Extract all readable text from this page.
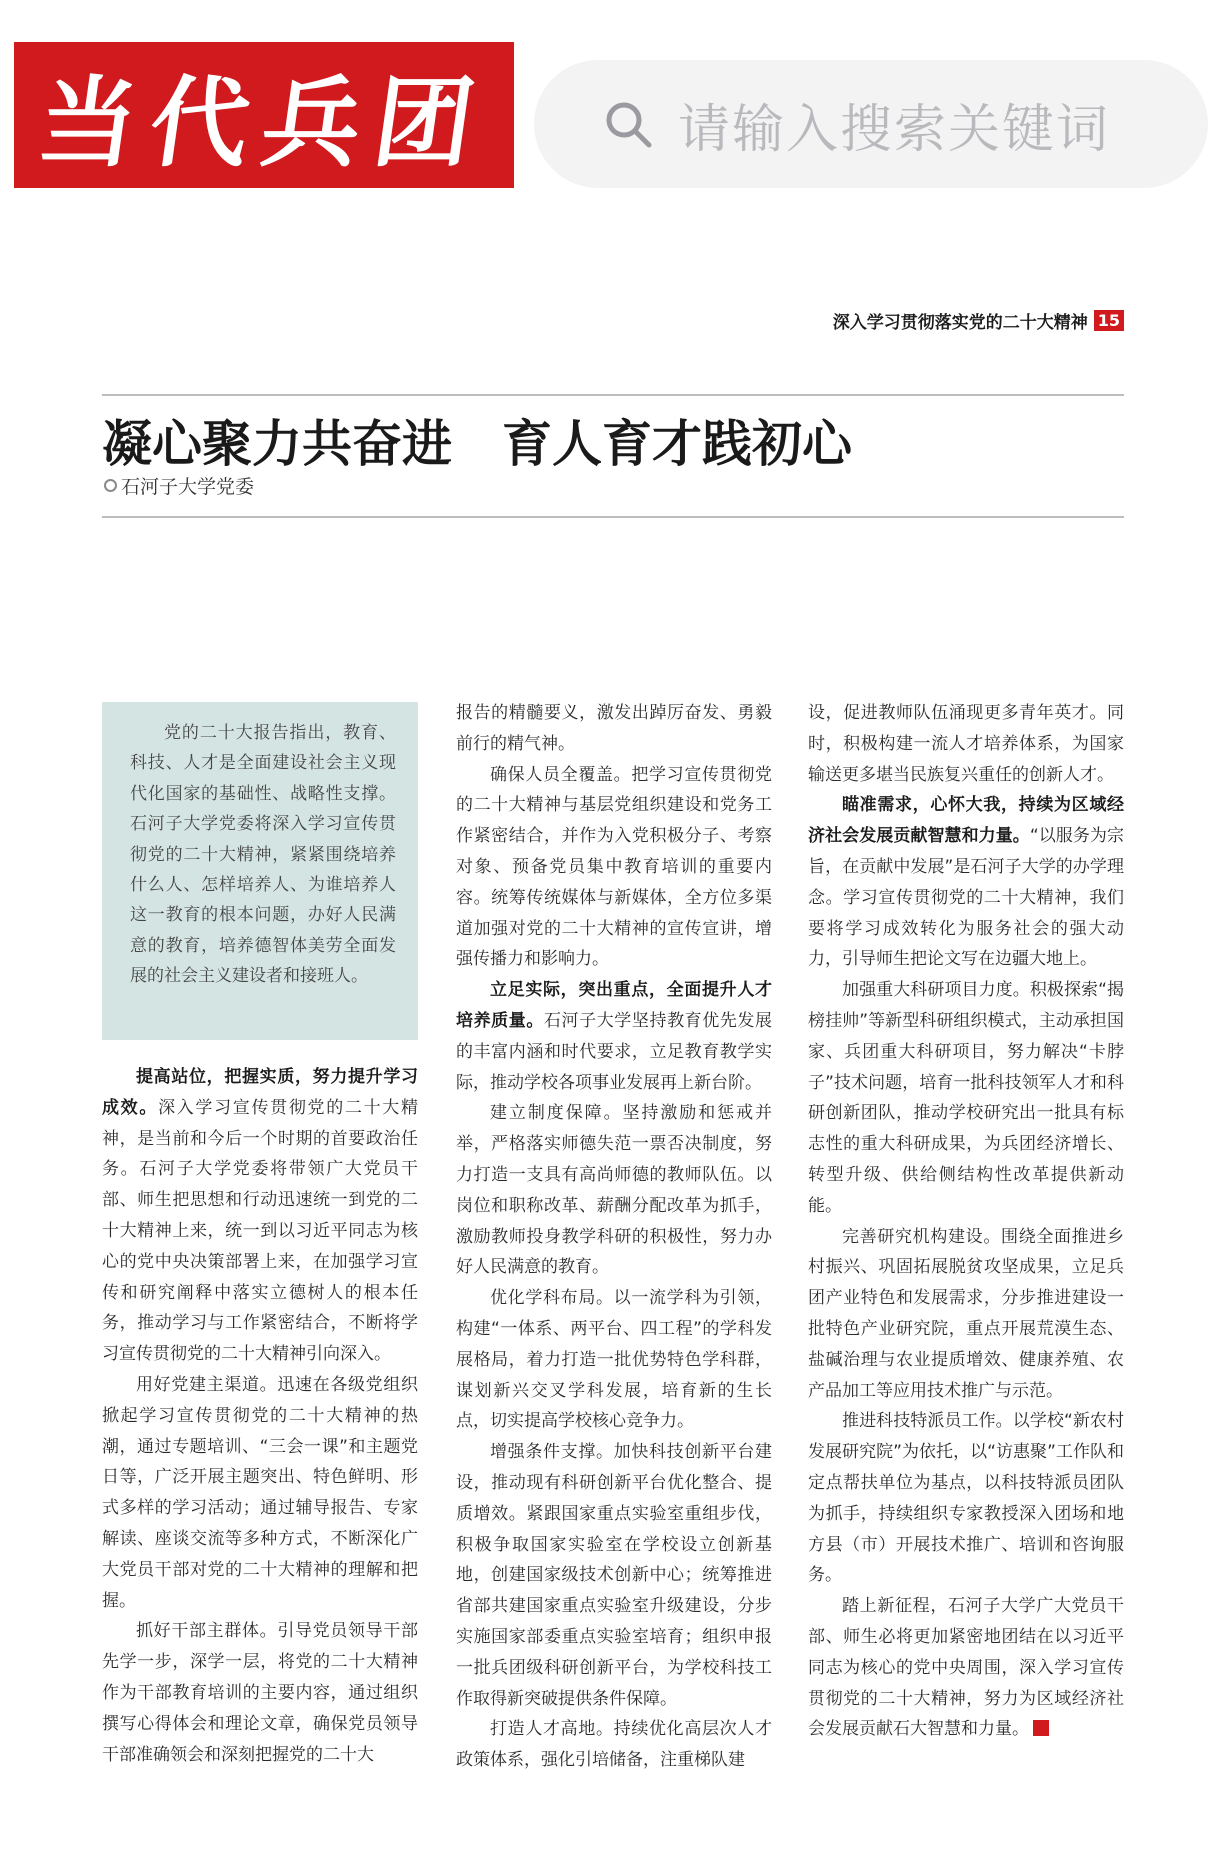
当代兵团	请输入搜索关键词
深入学习贯彻落实党的二十大精神 15
凝心聚力共奋进　育人育才践初心
石河子大学党委

党的二十大报告指出，教育、科技、人才是全面建设社会主义现代化国家的基础性、战略性支撑。石河子大学党委将深入学习宣传贯彻党的二十大精神，紧紧围绕培养什么人、怎样培养人、为谁培养人这一教育的根本问题，办好人民满意的教育，培养德智体美劳全面发展的社会主义建设者和接班人。

提高站位，把握实质，努力提升学习成效。深入学习宣传贯彻党的二十大精神，是当前和今后一个时期的首要政治任务。石河子大学党委将带领广大党员干部、师生把思想和行动迅速统一到党的二十大精神上来，统一到以习近平同志为核心的党中央决策部署上来，在加强学习宣传和研究阐释中落实立德树人的根本任务，推动学习与工作紧密结合，不断将学习宣传贯彻党的二十大精神引向深入。

用好党建主渠道。迅速在各级党组织掀起学习宣传贯彻党的二十大精神的热潮，通过专题培训、“三会一课”和主题党日等，广泛开展主题突出、特色鲜明、形式多样的学习活动；通过辅导报告、专家解读、座谈交流等多种方式，不断深化广大党员干部对党的二十大精神的理解和把握。

抓好干部主群体。引导党员领导干部先学一步，深学一层，将党的二十大精神作为干部教育培训的主要内容，通过组织撰写心得体会和理论文章，确保党员领导干部准确领会和深刻把握党的二十大

报告的精髓要义，激发出踔厉奋发、勇毅前行的精气神。

确保人员全覆盖。把学习宣传贯彻党的二十大精神与基层党组织建设和党务工作紧密结合，并作为入党积极分子、考察对象、预备党员集中教育培训的重要内容。统筹传统媒体与新媒体，全方位多渠道加强对党的二十大精神的宣传宣讲，增强传播力和影响力。

立足实际，突出重点，全面提升人才培养质量。石河子大学坚持教育优先发展的丰富内涵和时代要求，立足教育教学实际，推动学校各项事业发展再上新台阶。

建立制度保障。坚持激励和惩戒并举，严格落实师德失范一票否决制度，努力打造一支具有高尚师德的教师队伍。以岗位和职称改革、薪酬分配改革为抓手，激励教师投身教学科研的积极性，努力办好人民满意的教育。

优化学科布局。以一流学科为引领，构建“一体系、两平台、四工程”的学科发展格局，着力打造一批优势特色学科群，谋划新兴交叉学科发展，培育新的生长点，切实提高学校核心竞争力。

增强条件支撑。加快科技创新平台建设，推动现有科研创新平台优化整合、提质增效。紧跟国家重点实验室重组步伐，积极争取国家实验室在学校设立创新基地，创建国家级技术创新中心；统筹推进省部共建国家重点实验室升级建设，分步实施国家部委重点实验室培育；组织申报一批兵团级科研创新平台，为学校科技工作取得新突破提供条件保障。

打造人才高地。持续优化高层次人才政策体系，强化引培储备，注重梯队建

设，促进教师队伍涌现更多青年英才。同时，积极构建一流人才培养体系，为国家输送更多堪当民族复兴重任的创新人才。

瞄准需求，心怀大我，持续为区域经济社会发展贡献智慧和力量。“以服务为宗旨，在贡献中发展”是石河子大学的办学理念。学习宣传贯彻党的二十大精神，我们要将学习成效转化为服务社会的强大动力，引导师生把论文写在边疆大地上。

加强重大科研项目力度。积极探索“揭榜挂帅”等新型科研组织模式，主动承担国家、兵团重大科研项目，努力解决“卡脖子”技术问题，培育一批科技领军人才和科研创新团队，推动学校研究出一批具有标志性的重大科研成果，为兵团经济增长、转型升级、供给侧结构性改革提供新动能。

完善研究机构建设。围绕全面推进乡村振兴、巩固拓展脱贫攻坚成果，立足兵团产业特色和发展需求，分步推进建设一批特色产业研究院，重点开展荒漠生态、盐碱治理与农业提质增效、健康养殖、农产品加工等应用技术推广与示范。

推进科技特派员工作。以学校“新农村发展研究院”为依托，以“访惠聚”工作队和定点帮扶单位为基点，以科技特派员团队为抓手，持续组织专家教授深入团场和地方县（市）开展技术推广、培训和咨询服务。

踏上新征程，石河子大学广大党员干部、师生必将更加紧密地团结在以习近平同志为核心的党中央周围，深入学习宣传贯彻党的二十大精神，努力为区域经济社会发展贡献石大智慧和力量。
